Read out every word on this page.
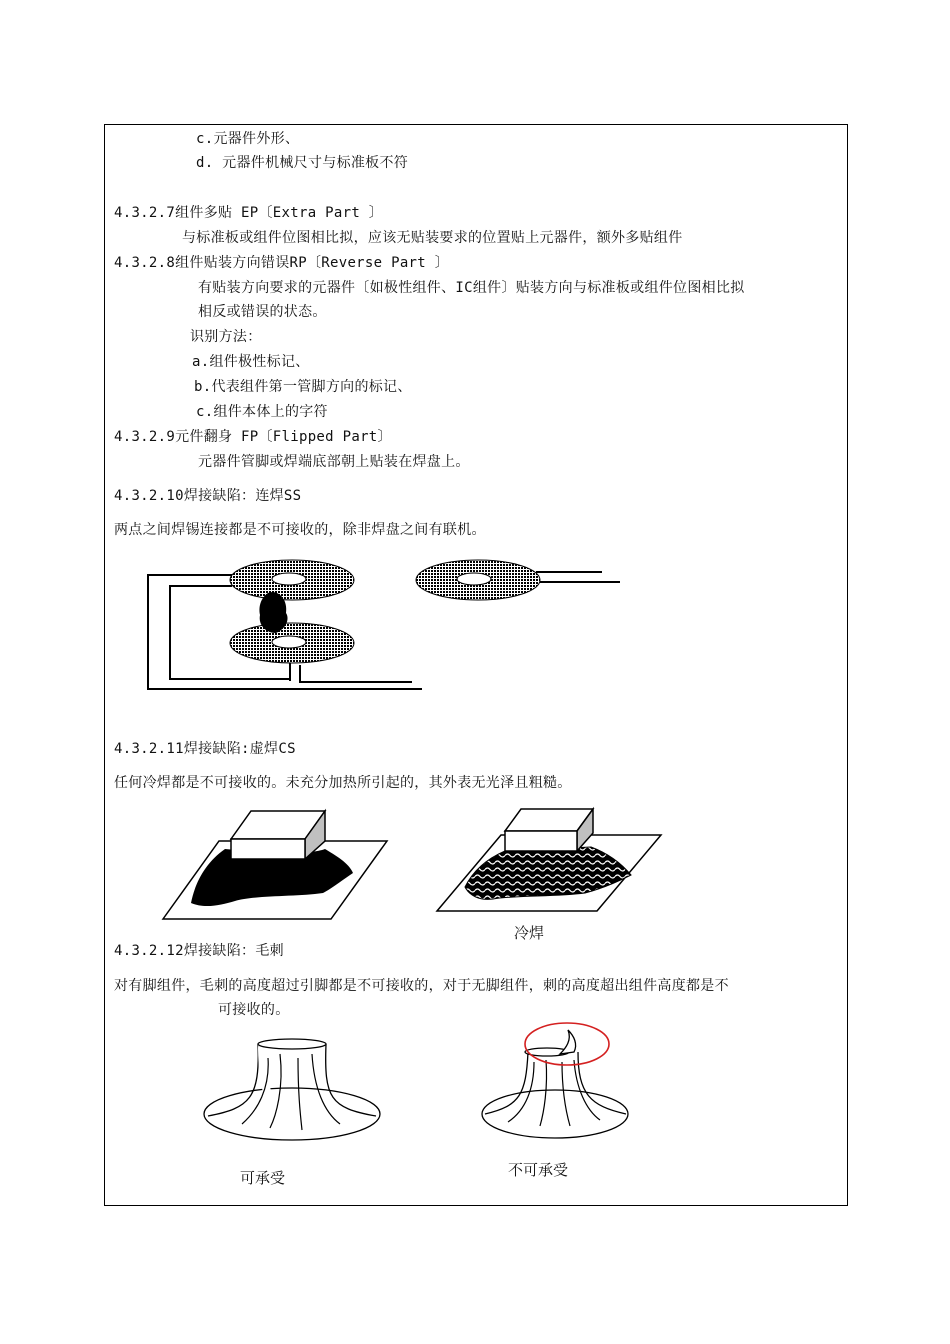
c.元器件外形、
d. 元器件机械尺寸与标准板不符
4.3.2.7组件多贴 EP〔Extra Part 〕
与标准板或组件位图相比拟，应该无贴装要求的位置贴上元器件，额外多贴组件
4.3.2.8组件贴装方向错误RP〔Reverse Part 〕
有贴装方向要求的元器件〔如极性组件、IC组件〕贴装方向与标准板或组件位图相比拟
相反或错误的状态。
识别方法：
a.组件极性标记、
b.代表组件第一管脚方向的标记、
c.组件本体上的字符
4.3.2.9元件翻身 FP〔Flipped Part〕
元器件管脚或焊端底部朝上贴装在焊盘上。
4.3.2.10焊接缺陷：连焊SS
两点之间焊锡连接都是不可接收的，除非焊盘之间有联机。
4.3.2.11焊接缺陷:虚焊CS
任何冷焊都是不可接收的。未充分加热所引起的，其外表无光泽且粗糙。
冷焊
4.3.2.12焊接缺陷：毛刺
对有脚组件，毛刺的高度超过引脚都是不可接收的，对于无脚组件，刺的高度超出组件高度都是不
可接收的。
可承受	不可承受
